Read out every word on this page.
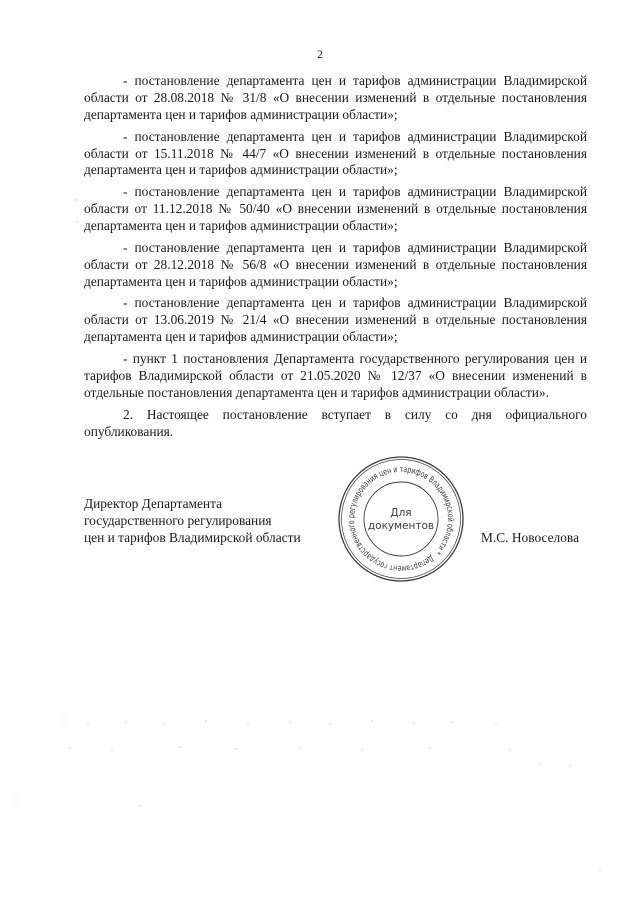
2

- постановление департамента цен и тарифов администрации Владимирской области от 28.08.2018 № 31/8 «О внесении изменений в отдельные постановления департамента цен и тарифов администрации области»;

- постановление департамента цен и тарифов администрации Владимирской области от 15.11.2018 № 44/7 «О внесении изменений в отдельные постановления департамента цен и тарифов администрации области»;

- постановление департамента цен и тарифов администрации Владимирской области от 11.12.2018 № 50/40 «О внесении изменений в отдельные постановления департамента цен и тарифов администрации области»;

- постановление департамента цен и тарифов администрации Владимирской области от 28.12.2018 № 56/8 «О внесении изменений в отдельные постановления департамента цен и тарифов администрации области»;

- постановление департамента цен и тарифов администрации Владимирской области от 13.06.2019 № 21/4 «О внесении изменений в отдельные постановления департамента цен и тарифов администрации области»;

- пункт 1 постановления Департамента государственного регулирования цен и тарифов Владимирской области от 21.05.2020 № 12/37 «О внесении изменений в отдельные постановления департамента цен и тарифов администрации области».

2. Настоящее постановление вступает в силу со дня официального опубликования.

Директор Департамента
государственного регулирования
цен и тарифов Владимирской области
Департамент государственного регулирования цен и тарифов Владимирской области *
Для
документов
М.С. Новоселова
